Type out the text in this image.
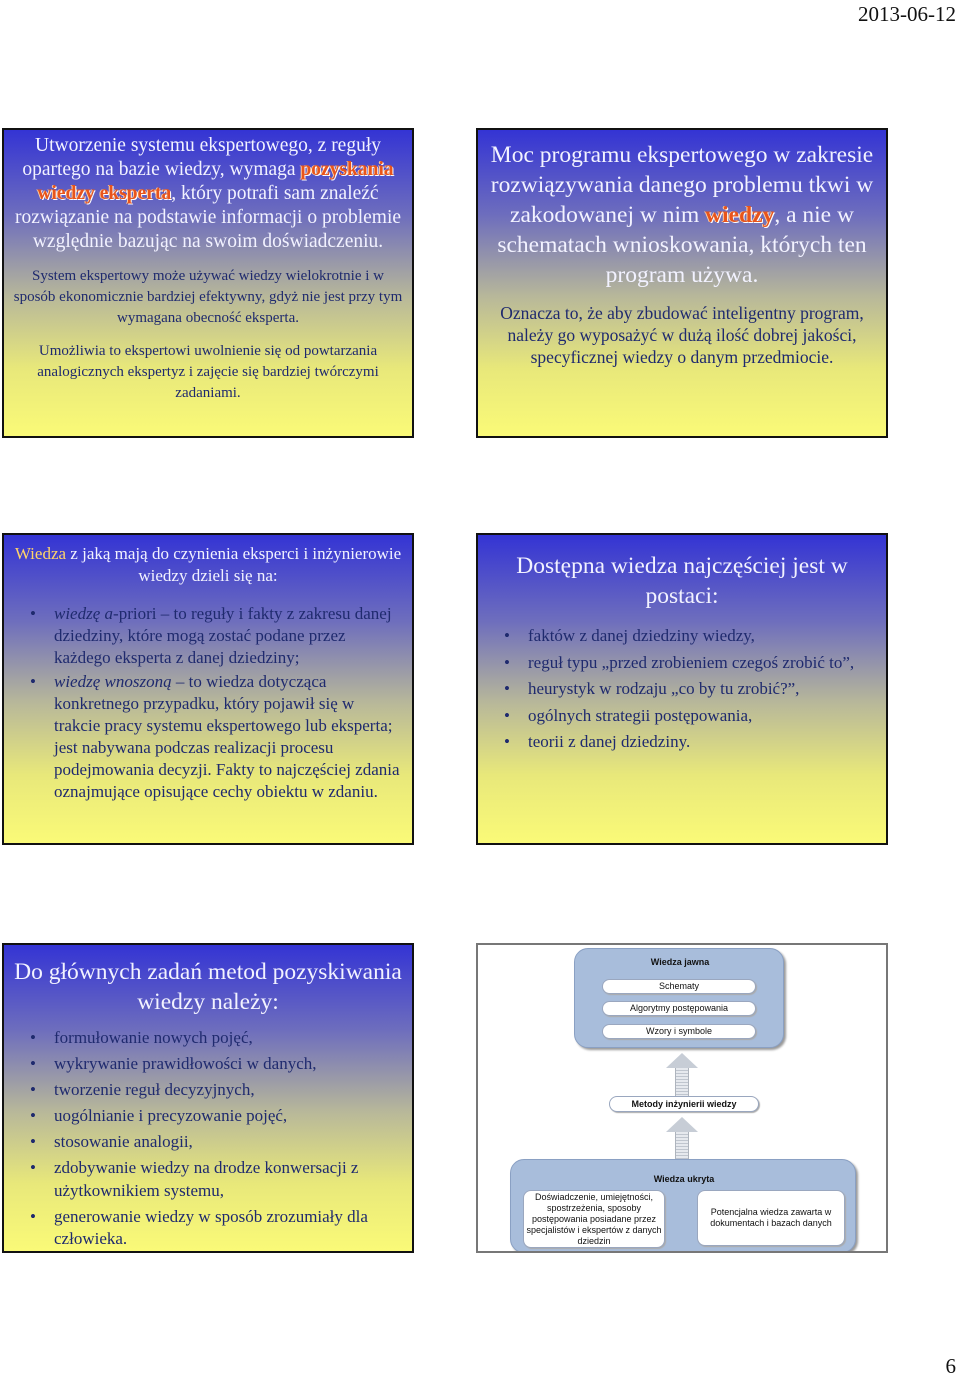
2013-06-12
Utworzenie systemu ekspertowego, z reguły opartego na bazie wiedzy, wymaga pozyskania wiedzy eksperta, który potrafi sam znaleźć rozwiązanie na podstawie informacji o problemie względnie bazując na swoim doświadczeniu.
System ekspertowy może używać wiedzy wielokrotnie i w sposób ekonomicznie bardziej efektywny, gdyż nie jest przy tym wymagana obecność eksperta.
Umożliwia to ekspertowi uwolnienie się od powtarzania analogicznych ekspertyz i zajęcie się bardziej twórczymi zadaniami.
Moc programu ekspertowego w zakresie rozwiązywania danego problemu tkwi w zakodowanej w nim wiedzy, a nie w schematach wnioskowania, których ten program używa.
Oznacza to, że aby zbudować inteligentny program, należy go wyposażyć w dużą ilość dobrej jakości, specyficznej wiedzy o danym przedmiocie.
Wiedza z jaką mają do czynienia eksperci i inżynierowie wiedzy dzieli się na:
• wiedzę a-priori – to reguły i fakty z zakresu danej dziedziny, które mogą zostać podane przez każdego eksperta z danej dziedziny;
• wiedzę wnoszoną – to wiedza dotycząca konkretnego przypadku, który pojawił się w trakcie pracy systemu ekspertowego lub eksperta; jest nabywana podczas realizacji procesu podejmowania decyzji. Fakty to najczęściej zdania oznajmujące opisujące cechy obiektu w zdaniu.
Dostępna wiedza najczęściej jest w postaci:
• faktów z danej dziedziny wiedzy,
• reguł typu „przed zrobieniem czegoś zrobić to”,
• heurystyk w rodzaju „co by tu zrobić?”,
• ogólnych strategii postępowania,
• teorii z danej dziedziny.
Do głównych zadań metod pozyskiwania wiedzy należy:
• formułowanie nowych pojęć,
• wykrywanie prawidłowości w danych,
• tworzenie reguł decyzyjnych,
• uogólnianie i precyzowanie pojęć,
• stosowanie analogii,
• zdobywanie wiedzy na drodze konwersacji z użytkownikiem systemu,
• generowanie wiedzy w sposób zrozumiały dla człowieka.
Wiedza jawna
Schematy
Algorytmy postępowania
Wzory i symbole
Metody inżynierii wiedzy
Wiedza ukryta
Doświadczenie, umiejętności, spostrzeżenia, sposoby postępowania posiadane przez specjalistów i ekspertów z danych dziedzin
Potencjalna wiedza zawarta w dokumentach i bazach danych
6
